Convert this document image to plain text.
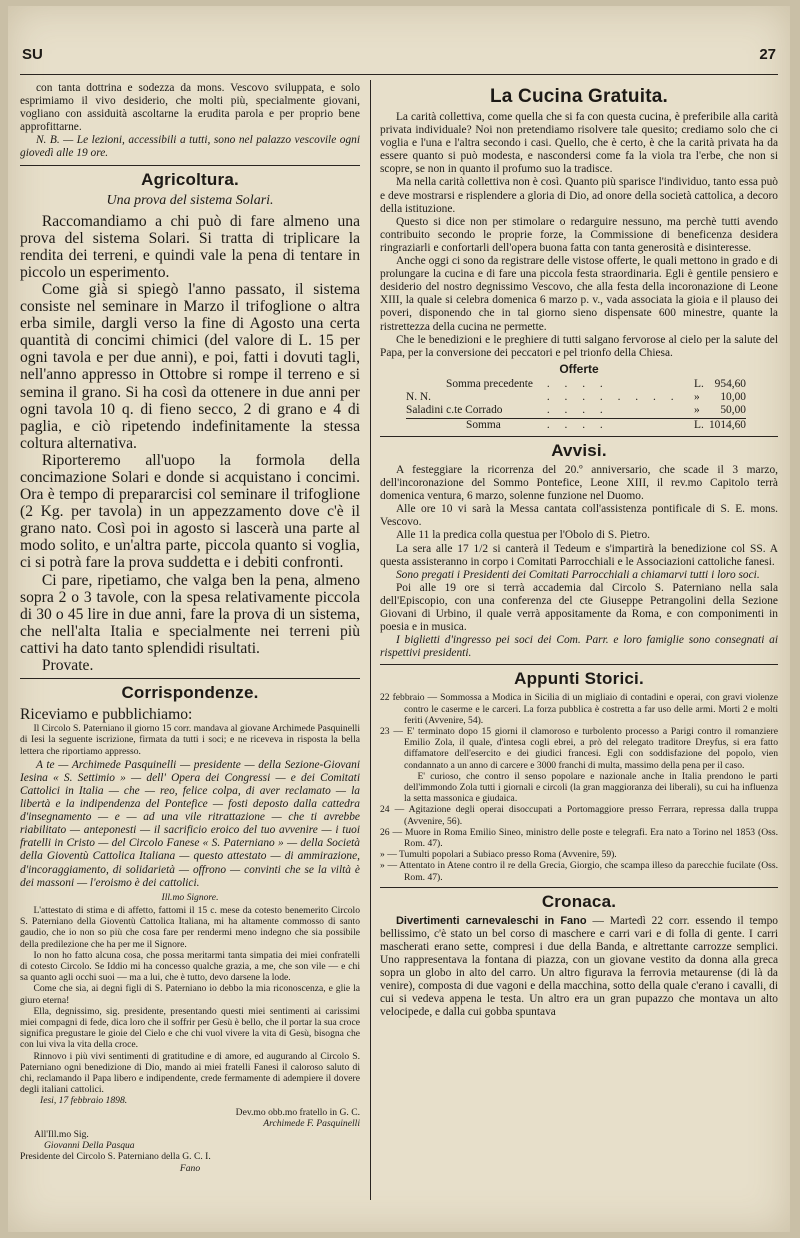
SU	27

con tanta dottrina e sodezza da mons. Vescovo sviluppata, e solo esprimiamo il vivo desiderio, che molti più, specialmente giovani, vogliano con assiduità ascoltarne la erudita parola e per proprio bene approfittarne.

N. B. — Le lezioni, accessibili a tutti, sono nel palazzo vescovile ogni giovedì alle 19 ore.

Agricoltura.
Una prova del sistema Solari.

Raccomandiamo a chi può di fare almeno una prova del sistema Solari. Si tratta di triplicare la rendita dei terreni, e quindi vale la pena di tentare in piccolo un esperimento.

Come già si spiegò l'anno passato, il sistema consiste nel seminare in Marzo il trifoglione o altra erba simile, dargli verso la fine di Agosto una certa quantità di concimi chimici (del valore di L. 15 per ogni tavola e per due anni), e poi, fatti i dovuti tagli, nell'anno appresso in Ottobre si rompe il terreno e si semina il grano. Si ha così da ottenere in due anni per ogni tavola 10 q. di fieno secco, 2 di grano e 4 di paglia, e ciò ripetendo indefinitamente la stessa coltura alternativa.

Riporteremo all'uopo la formola della concimazione Solari e donde si acquistano i concimi. Ora è tempo di prepararcisi col seminare il trifoglione (2 Kg. per tavola) in un appezzamento dove c'è il grano nato. Così poi in agosto si lascerà una parte al modo solito, e un'altra parte, piccola quanto si voglia, ci si potrà fare la prova suddetta e i debiti confronti.

Ci pare, ripetiamo, che valga ben la pena, almeno sopra 2 o 3 tavole, con la spesa relativamente piccola di 30 o 45 lire in due anni, fare la prova di un sistema, che nell'alta Italia e specialmente nei terreni più cattivi ha dato tanto splendidi risultati.

Provate.

Corrispondenze.

Riceviamo e pubblichiamo:

Il Circolo S. Paterniano il giorno 15 corr. mandava al giovane Archimede Pasquinelli di Iesi la seguente iscrizione, firmata da tutti i soci; e ne riceveva in risposta la bella lettera che riportiamo appresso.

A te — Archimede Pasquinelli — presidente — della Sezione-Giovani Iesina « S. Settimio » — dell' Opera dei Congressi — e dei Comitati Cattolici in Italia — che — reo, felice colpa, di aver reclamato — la libertà e la indipendenza del Pontefice — fosti deposto dalla cattedra d'insegnamento — e — ad una vile ritrattazione — che ti avrebbe riabilitato — anteponesti — il sacrificio eroico del tuo avvenire — i tuoi fratelli in Cristo — del Circolo Fanese « S. Paterniano » — della Società della Gioventù Cattolica Italiana — questo attestato — di ammirazione, d'incoraggiamento, di solidarietà — offrono — convinti che se la viltà è dei massoni — l'eroismo è dei cattolici.

Ill.mo Signore.

L'attestato di stima e di affetto, fattomi il 15 c. mese da cotesto benemerito Circolo S. Paterniano della Gioventù Cattolica Italiana, mi ha altamente commosso di santo gaudio, che io non so più che cosa fare per rendermi meno indegno che sia possibile della predilezione che ha per me il Signore.

Io non ho fatto alcuna cosa, che possa meritarmi tanta simpatia dei miei confratelli di cotesto Circolo. Se Iddio mi ha concesso qualche grazia, a me, che son vile — e chi sa quanto agli occhi suoi — ma a lui, che è tutto, devo darsene la lode.

Come che sia, ai degni figli di S. Paterniano io debbo la mia riconoscenza, e glie la giuro eterna!

Ella, degnissimo, sig. presidente, presentando questi miei sentimenti ai carissimi miei compagni di fede, dica loro che il soffrir per Gesù è bello, che il portar la sua croce significa pregustare le gioie del Cielo e che chi vuol vivere la vita di Gesù, bisogna che con lui viva la vita della croce.

Rinnovo i più vivi sentimenti di gratitudine e di amore, ed augurando al Circolo S. Paterniano ogni benedizione di Dio, mando ai miei fratelli Fanesi il caloroso saluto di chi, reclamando il Papa libero e indipendente, crede fermamente di adempiere il dovere degli italiani cattolici.

Iesi, 17 febbraio 1898.
Dev.mo obb.mo fratello in G. C.
Archimede F. Pasquinelli
All'Ill.mo Sig.
Giovanni Della Pasqua
Presidente del Circolo S. Paterniano della G. C. I.
Fano
La Cucina Gratuita.

La carità collettiva, come quella che si fa con questa cucina, è preferibile alla carità privata individuale? Noi non pretendiamo risolvere tale quesito; crediamo solo che ci voglia e l'una e l'altra secondo i casi. Quello, che è certo, è che la carità privata ha da essere quanto si può modesta, e nascondersi come fa la viola tra l'erbe, che non si scopre, se non in quanto il profumo suo la tradisce.

Ma nella carità collettiva non è così. Quanto più sparisce l'individuo, tanto essa può e deve mostrarsi e risplendere a gloria di Dio, ad onore della società cattolica, a decoro della istituzione.

Questo si dice non per stimolare o redarguire nessuno, ma perchè tutti avendo contribuito secondo le proprie forze, la Commissione di beneficenza desidera ringraziarli e confortarli dell'opera buona fatta con tanta generosità e disinteresse.

Anche oggi ci sono da registrare delle vistose offerte, le quali mettono in grado e di prolungare la cucina e di fare una piccola festa straordinaria. Egli è gentile pensiero e desiderio del nostro degnissimo Vescovo, che alla festa della incoronazione di Leone XIII, la quale si celebra domenica 6 marzo p. v., vada associata la gioia e il plauso dei poveri, disponendo che in tal giorno sieno dispensate 600 minestre, quante la ristrettezza della cucina ne permette.

Che le benedizioni e le preghiere di tutti salgano fervorose al cielo per la salute del Papa, per la conversione dei peccatori e pel trionfo della Chiesa.

Offerte
Somma precedente	. . . .	L.	954,60
N. N.	. . . . . . . .	»	10,00
Saladini c.te Corrado	. . . .	»	50,00
Somma	. . . .	L.	1014,60
Avvisi.

A festeggiare la ricorrenza del 20.º anniversario, che scade il 3 marzo, dell'incoronazione del Sommo Pontefice, Leone XIII, il rev.mo Capitolo terrà domenica ventura, 6 marzo, solenne funzione nel Duomo.

Alle ore 10 vi sarà la Messa cantata coll'assistenza pontificale di S. E. mons. Vescovo.

Alle 11 la predica colla questua per l'Obolo di S. Pietro.

La sera alle 17 1/2 si canterà il Tedeum e s'impartirà la benedizione col SS. A questa assisteranno in corpo i Comitati Parrocchiali e le Associazioni cattoliche fanesi.

Sono pregati i Presidenti dei Comitati Parrocchiali a chiamarvi tutti i loro soci.

Poi alle 19 ore si terrà accademia dal Circolo S. Paterniano nella sala dell'Episcopio, con una conferenza del cte Giuseppe Petrangolini della Sezione Giovani di Urbino, il quale verrà appositamente da Roma, e con componimenti in poesia e in musica.

I biglietti d'ingresso pei soci dei Com. Parr. e loro famiglie sono consegnati ai rispettivi presidenti.

Appunti Storici.

22 febbraio — Sommossa a Modica in Sicilia di un migliaio di contadini e operai, con gravi violenze contro le caserme e le carceri. La forza pubblica è costretta a far uso delle armi. Morti 2 e molti feriti (Avvenire, 54).

23 — E' terminato dopo 15 giorni il clamoroso e turbolento processo a Parigi contro il romanziere Emilio Zola, il quale, d'intesa cogli ebrei, a prò del relegato traditore Dreyfus, si era fatto diffamatore dell'esercito e dei giudici francesi. Egli con soddisfazione del popolo, vien condannato a un anno di carcere e 3000 franchi di multa, massimo della pena per il caso.

E' curioso, che contro il senso popolare e nazionale anche in Italia prendono le parti dell'immondo Zola tutti i giornali e circoli (la gran maggioranza dei liberali), su cui ha influenza la setta massonica e giudaica.

24 — Agitazione degli operai disoccupati a Portomaggiore presso Ferrara, repressa dalla truppa (Avvenire, 56).

26 — Muore in Roma Emilio Sineo, ministro delle poste e telegrafi. Era nato a Torino nel 1853 (Oss. Rom. 47).

» — Tumulti popolari a Subiaco presso Roma (Avvenire, 59).

» — Attentato in Atene contro il re della Grecia, Giorgio, che scampa illeso da parecchie fucilate (Oss. Rom. 47).

Cronaca.

Divertimenti carnevaleschi in Fano — Martedì 22 corr. essendo il tempo bellissimo, c'è stato un bel corso di maschere e carri vari e di folla di gente. I carri mascherati erano sette, compresi i due della Banda, e altrettante carrozze semplici. Uno rappresentava la fontana di piazza, con un giovane vestito da donna alla greca sopra un globo in alto del carro. Un altro figurava la ferrovia metaurense (di là da venire), composta di due vagoni e della macchina, sotto della quale c'erano i cavalli, di cui si vedeva appena le testa. Un altro era un gran pupazzo che montava un alto velocipede, e dalla cui gobba spuntava
